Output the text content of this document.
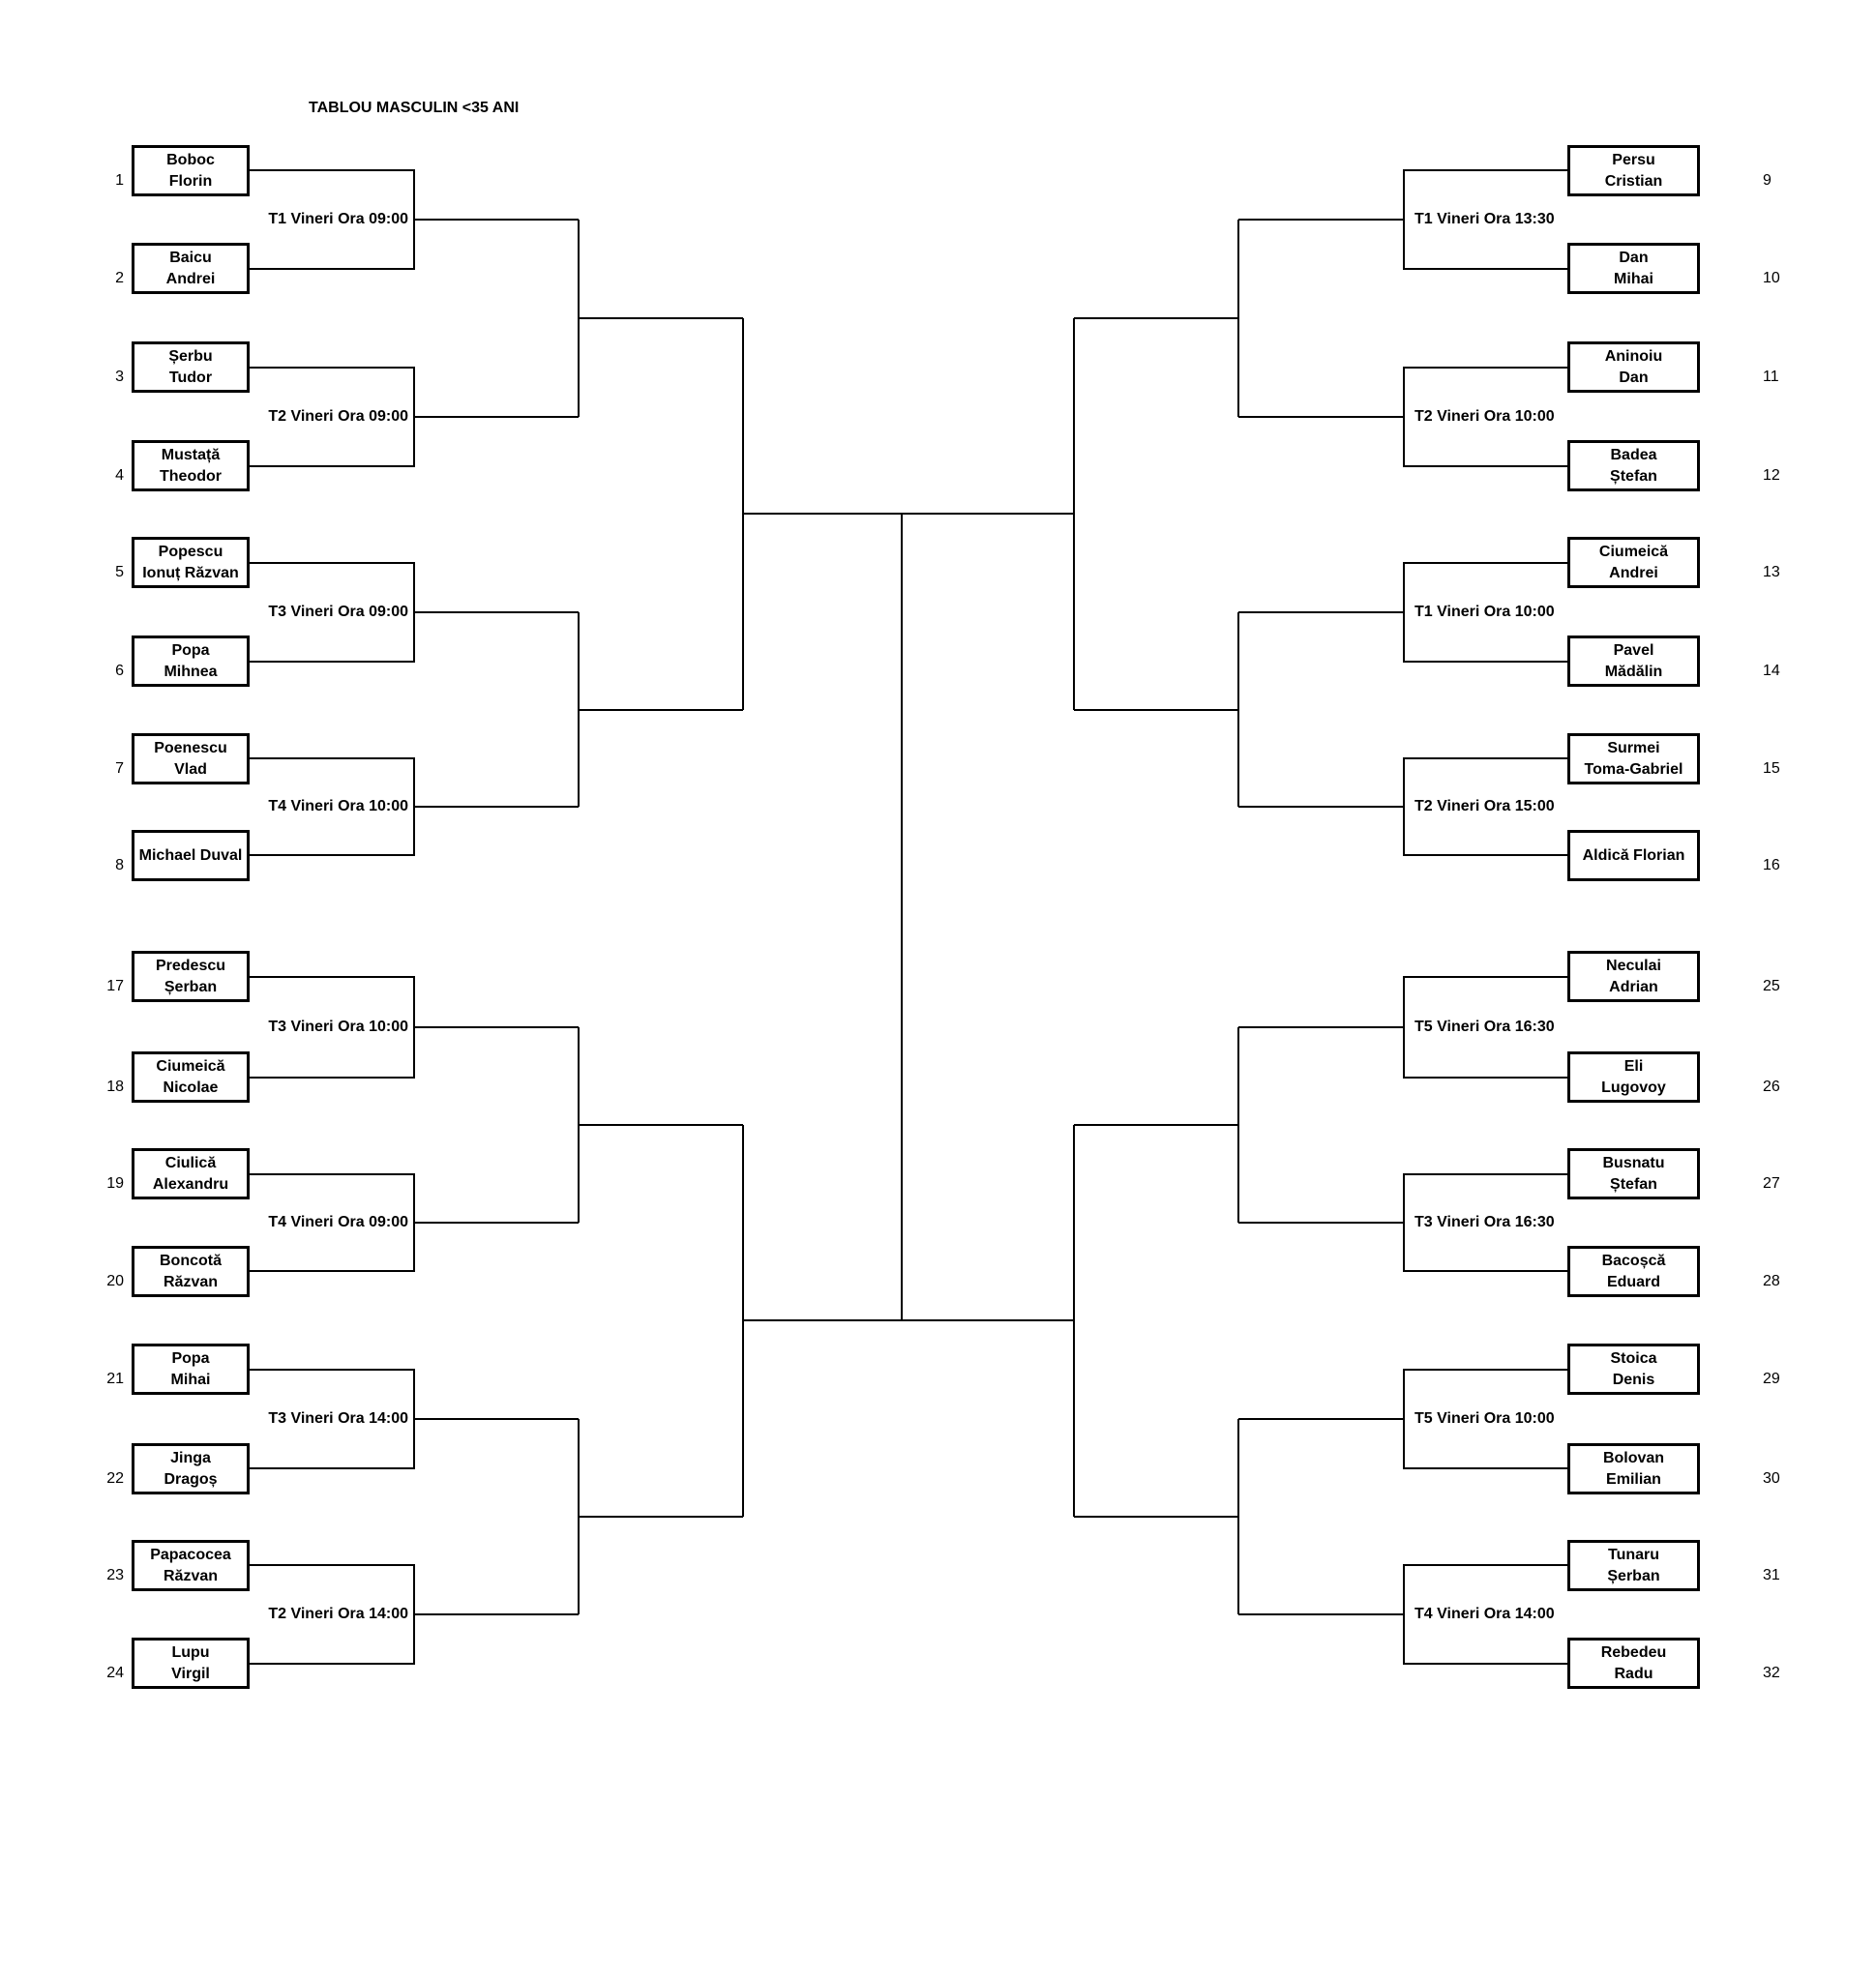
TABLOU MASCULIN <35 ANI
Boboc
Florin
1
Baicu
Andrei
2
Șerbu
Tudor
3
Mustață
Theodor
4
Popescu
Ionuț Răzvan
5
Popa
Mihnea
6
Poenescu
Vlad
7
Michael Duval
8
Predescu
Șerban
17
Ciumeică
Nicolae
18
Ciulică
Alexandru
19
Boncotă
Răzvan
20
Popa
Mihai
21
Jinga
Dragoș
22
Papacocea
Răzvan
23
Lupu
Virgil
24
T1 Vineri Ora 09:00
T2 Vineri Ora 09:00
T3 Vineri Ora 09:00
T4 Vineri Ora 10:00
T3 Vineri Ora 10:00
T4 Vineri Ora 09:00
T3 Vineri Ora 14:00
T2 Vineri Ora 14:00
Persu
Cristian	9
Dan
Mihai	10
Aninoiu
Dan	11
Badea
Ștefan	12
Ciumeică
Andrei	13
Pavel
Mădălin	14
Surmei
Toma-Gabriel	15
Aldică Florian
16
Neculai
Adrian	25
Eli
Lugovoy	26
Busnatu
Ștefan	27
Bacoșcă
Eduard	28
Stoica
Denis	29
Bolovan
Emilian	30
Tunaru
Șerban	31
Rebedeu
Radu	32
T1 Vineri Ora 13:30
T2 Vineri Ora 10:00
T1 Vineri Ora 10:00
T2 Vineri Ora 15:00
T5 Vineri Ora 16:30
T3 Vineri Ora 16:30
T5 Vineri Ora 10:00
T4 Vineri Ora 14:00
